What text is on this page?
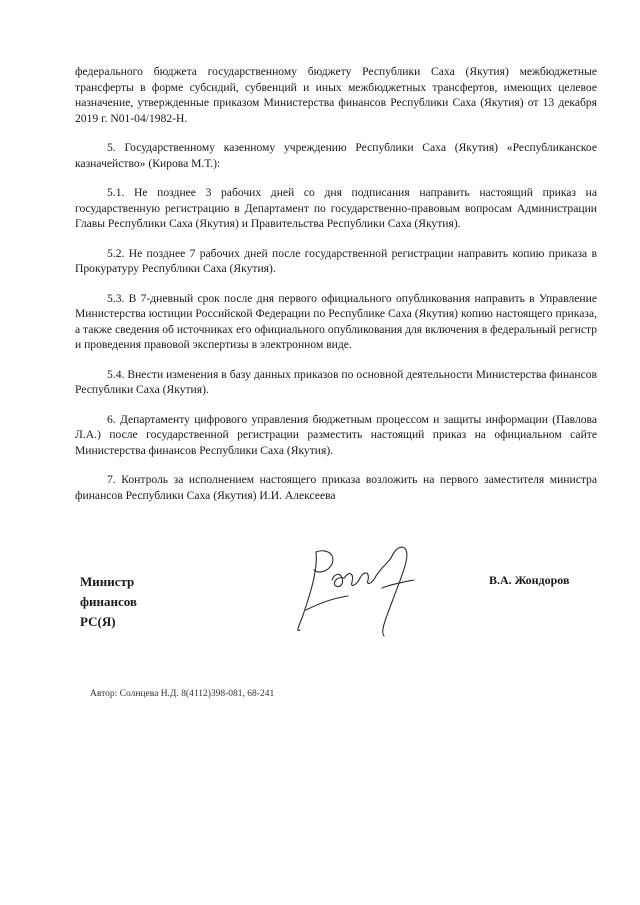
федерального бюджета государственному бюджету Республики Саха (Якутия) межбюджетные трансферты в форме субсидий, субвенций и иных межбюджетных трансфертов, имеющих целевое назначение, утвержденные приказом Министерства финансов Республики Саха (Якутия) от 13 декабря 2019 г. N01-04/1982-Н.

5. Государственному казенному учреждению Республики Саха (Якутия) «Республиканское казначейство» (Кирова М.Т.):

5.1. Не позднее 3 рабочих дней со дня подписания направить настоящий приказ на государственную регистрацию в Департамент по государственно-правовым вопросам Администрации Главы Республики Саха (Якутия) и Правительства Республики Саха (Якутия).

5.2. Не позднее 7 рабочих дней после государственной регистрации направить копию приказа в Прокуратуру Республики Саха (Якутия).

5.3. В 7-дневный срок после дня первого официального опубликования направить в Управление Министерства юстиции Российской Федерации по Республике Саха (Якутия) копию настоящего приказа, а также сведения об источниках его официального опубликования для включения в федеральный регистр и проведения правовой экспертизы в электронном виде.

5.4. Внести изменения в базу данных приказов по основной деятельности Министерства финансов Республики Саха (Якутия).

6. Департаменту цифрового управления бюджетным процессом и защиты информации (Павлова Л.А.) после государственной регистрации разместить настоящий приказ на официальном сайте Министерства финансов Республики Саха (Якутия).

7. Контроль за исполнением настоящего приказа возложить на первого заместителя министра финансов Республики Саха (Якутия) И.И. Алексеева

Министр
финансов
РС(Я)
В.А. Жондоров
Автор: Солнцева Н.Д. 8(4112)398-081, 68-241
